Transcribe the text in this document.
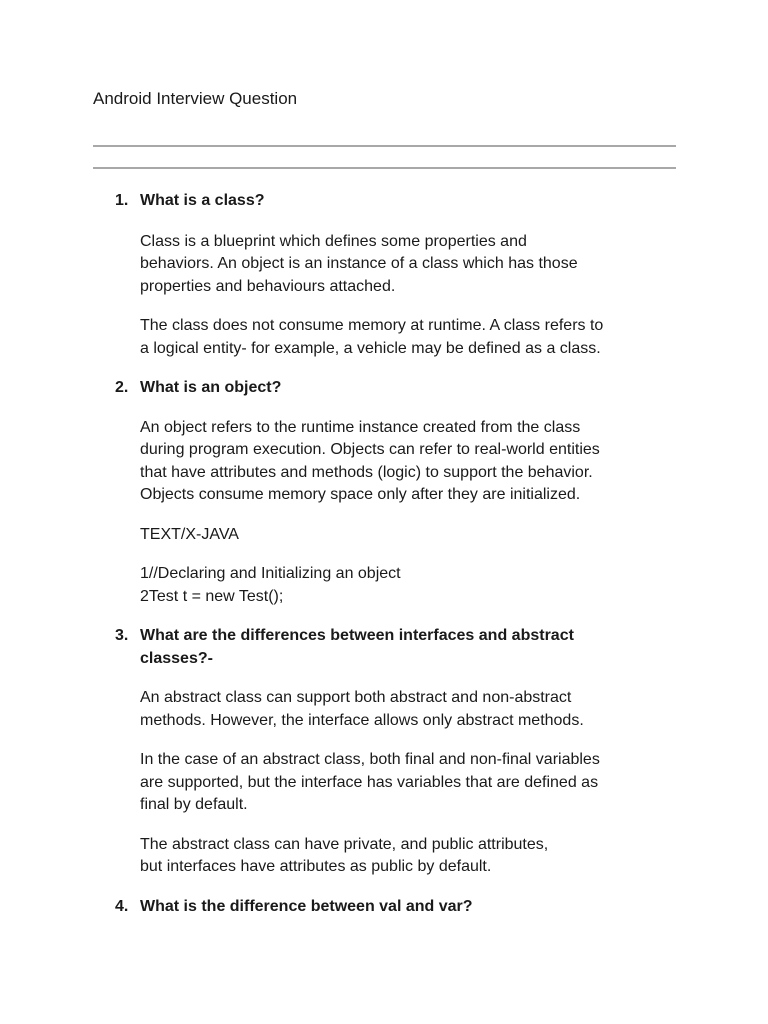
Android Interview Question
1. What is a class?

Class is a blueprint which defines some properties and
behaviors. An object is an instance of a class which has those
properties and behaviours attached.

The class does not consume memory at runtime. A class refers to
a logical entity- for example, a vehicle may be defined as a class.

2. What is an object?

An object refers to the runtime instance created from the class
during program execution. Objects can refer to real-world entities
that have attributes and methods (logic) to support the behavior.
Objects consume memory space only after they are initialized.

TEXT/X-JAVA

1//Declaring and Initializing an object
2Test t = new Test();

3. What are the differences between interfaces and abstract
classes?-

An abstract class can support both abstract and non-abstract
methods. However, the interface allows only abstract methods.

In the case of an abstract class, both final and non-final variables
are supported, but the interface has variables that are defined as
final by default.

The abstract class can have private, and public attributes,
but interfaces have attributes as public by default.

4. What is the difference between val and var?
